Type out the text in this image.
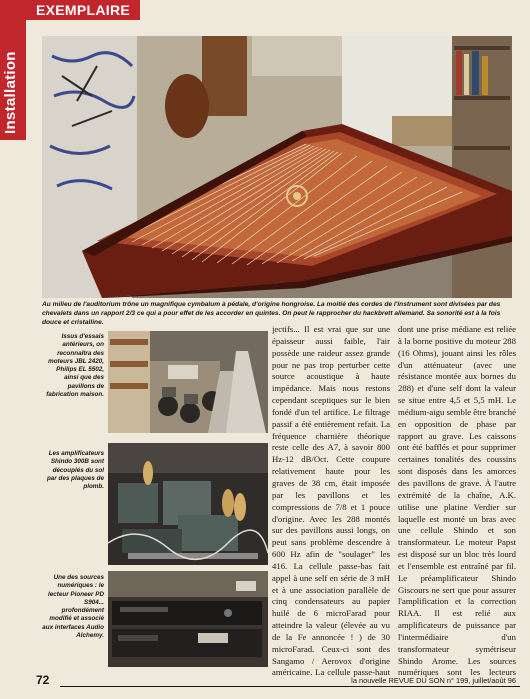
EXEMPLAIRE
Installation
Au milieu de l'auditorium trône un magnifique cymbalum à pédale, d'origine hongroise. La moitié des cordes de l'instrument sont divisées par des chevalets dans un rapport 2/3 ce qui a pour effet de les accorder en quintes. On peut le rapprocher du hackbrett allemand. Sa sonorité est à la fois douce et cristalline.
Issus d'essais antérieurs, on reconnaîtra des moteurs JBL 2420, Philips EL 5502, ainsi que des pavillons de fabrication maison.
Les amplificateurs Shindo 300B sont découplés du sol par des plaques de plomb.
Une des sources numériques : le lecteur Pioneer PD S904... profondément modifié et associé aux interfaces Audio Alchemy.

jectifs... Il est vrai que sur une épaisseur aussi faible, l'air possède une raideur assez grande pour ne pas trop perturber cette source acoustique à haute impédance. Mais nous restons cependant sceptiques sur le bien fondé d'un tel artifice. Le filtrage passif a été entièrement refait. La fréquence charnière théorique reste celle des A7, à savoir 800 Hz-12 dB/Oct. Cette coupure relativement haute pour les graves de 38 cm, était imposée par les pavillons et les compressions de 7/8 et 1 pouce d'origine. Avec les 288 montés sur des pavillons aussi longs, on peut sans problème descendre à 600 Hz afin de "soulager" les 416. La cellule passe-bas fait appel à une self en série de 3 mH et à une association parallèle de cinq condensateurs au papier huilé de 6 microFarad pour atteindre la valeur (élevée au vu de la Fe annoncée ! ) de 30 microFarad. Ceux-ci sont des Sangamo / Aerovox d'origine américaine. La cellule passe-haut

dont une prise médiane est reliée à la borne positive du moteur 288 (16 Ohms), jouant ainsi les rôles d'un atténuateur (avec une résistance montée aux bornes du 288) et d'une self dont la valeur se situe entre 4,5 et 5,5 mH. Le médium-aigu semble être branché en opposition de phase par rapport au grave. Les caissons ont été bafflés et pour supprimer certaines tonalités des coussins sont disposés dans les amorces des pavillons de grave. À l'autre extrémité de la chaîne, A.K. utilise une platine Verdier sur laquelle est monté un bras avec une cellule Shindo et son transformateur. Le moteur Papst est disposé sur un bloc très lourd et l'ensemble est entraîné par fil. Le préamplificateur Shindo Giscours ne sert que pour assurer l'amplification et la correction RIAA. Il est relié aux amplificateurs de puissance par l'intermédiaire d'un transformateur symétriseur Shindo Arome. Les sources numériques sont les lecteurs

72	la nouvelle REVUE DU SON n° 199, juillet/août 96
